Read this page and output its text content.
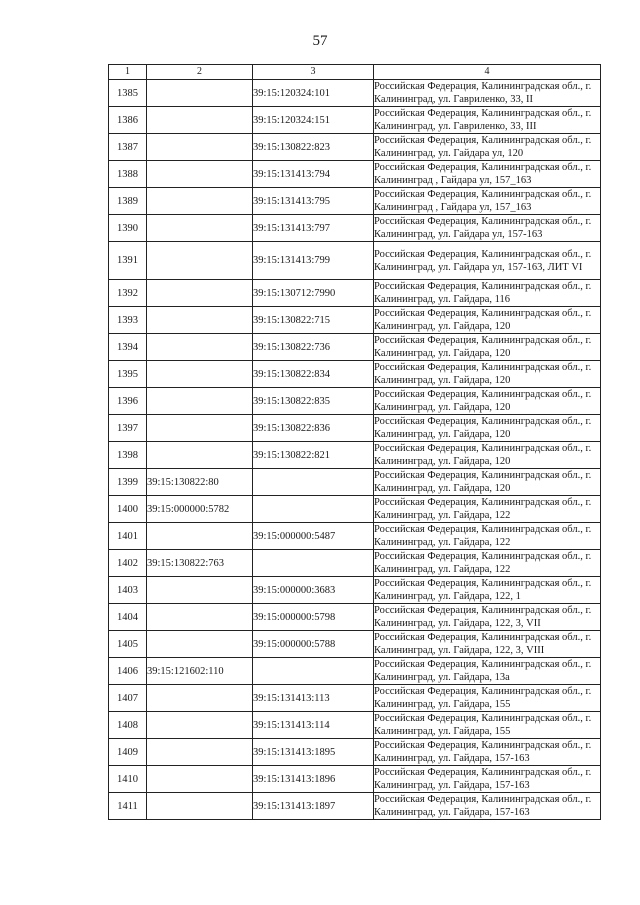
57
1	2	3	4
1385		39:15:120324:101	Российская Федерация, Калининградская обл., г. Калининград, ул. Гавриленко, 33, II
1386		39:15:120324:151	Российская Федерация, Калининградская обл., г. Калининград, ул. Гавриленко, 33, III
1387		39:15:130822:823	Российская Федерация, Калининградская обл., г. Калининград, ул. Гайдара ул, 120
1388		39:15:131413:794	Российская Федерация, Калининградская обл., г. Калининград , Гайдара ул, 157_163
1389		39:15:131413:795	Российская Федерация, Калининградская обл., г. Калининград , Гайдара ул, 157_163
1390		39:15:131413:797	Российская Федерация, Калининградская обл., г. Калининград, ул. Гайдара ул, 157-163
1391		39:15:131413:799	Российская Федерация, Калининградская обл., г. Калининград, ул. Гайдара ул, 157-163, ЛИТ VI
1392		39:15:130712:7990	Российская Федерация, Калининградская обл., г. Калининград, ул. Гайдара, 116
1393		39:15:130822:715	Российская Федерация, Калининградская обл., г. Калининград, ул. Гайдара, 120
1394		39:15:130822:736	Российская Федерация, Калининградская обл., г. Калининград, ул. Гайдара, 120
1395		39:15:130822:834	Российская Федерация, Калининградская обл., г. Калининград, ул. Гайдара, 120
1396		39:15:130822:835	Российская Федерация, Калининградская обл., г. Калининград, ул. Гайдара, 120
1397		39:15:130822:836	Российская Федерация, Калининградская обл., г. Калининград, ул. Гайдара, 120
1398		39:15:130822:821	Российская Федерация, Калининградская обл., г. Калининград, ул. Гайдара, 120
1399	39:15:130822:80		Российская Федерация, Калининградская обл., г. Калининград, ул. Гайдара, 120
1400	39:15:000000:5782		Российская Федерация, Калининградская обл., г. Калининград, ул. Гайдара, 122
1401		39:15:000000:5487	Российская Федерация, Калининградская обл., г. Калининград, ул. Гайдара, 122
1402	39:15:130822:763		Российская Федерация, Калининградская обл., г. Калининград, ул. Гайдара, 122
1403		39:15:000000:3683	Российская Федерация, Калининградская обл., г. Калининград, ул. Гайдара, 122, 1
1404		39:15:000000:5798	Российская Федерация, Калининградская обл., г. Калининград, ул. Гайдара, 122, 3, VII
1405		39:15:000000:5788	Российская Федерация, Калининградская обл., г. Калининград, ул. Гайдара, 122, 3, VIII
1406	39:15:121602:110		Российская Федерация, Калининградская обл., г. Калининград, ул. Гайдара, 13а
1407		39:15:131413:113	Российская Федерация, Калининградская обл., г. Калининград, ул. Гайдара, 155
1408		39:15:131413:114	Российская Федерация, Калининградская обл., г. Калининград, ул. Гайдара, 155
1409		39:15:131413:1895	Российская Федерация, Калининградская обл., г. Калининград, ул. Гайдара, 157-163
1410		39:15:131413:1896	Российская Федерация, Калининградская обл., г. Калининград, ул. Гайдара, 157-163
1411		39:15:131413:1897	Российская Федерация, Калининградская обл., г. Калининград, ул. Гайдара, 157-163
